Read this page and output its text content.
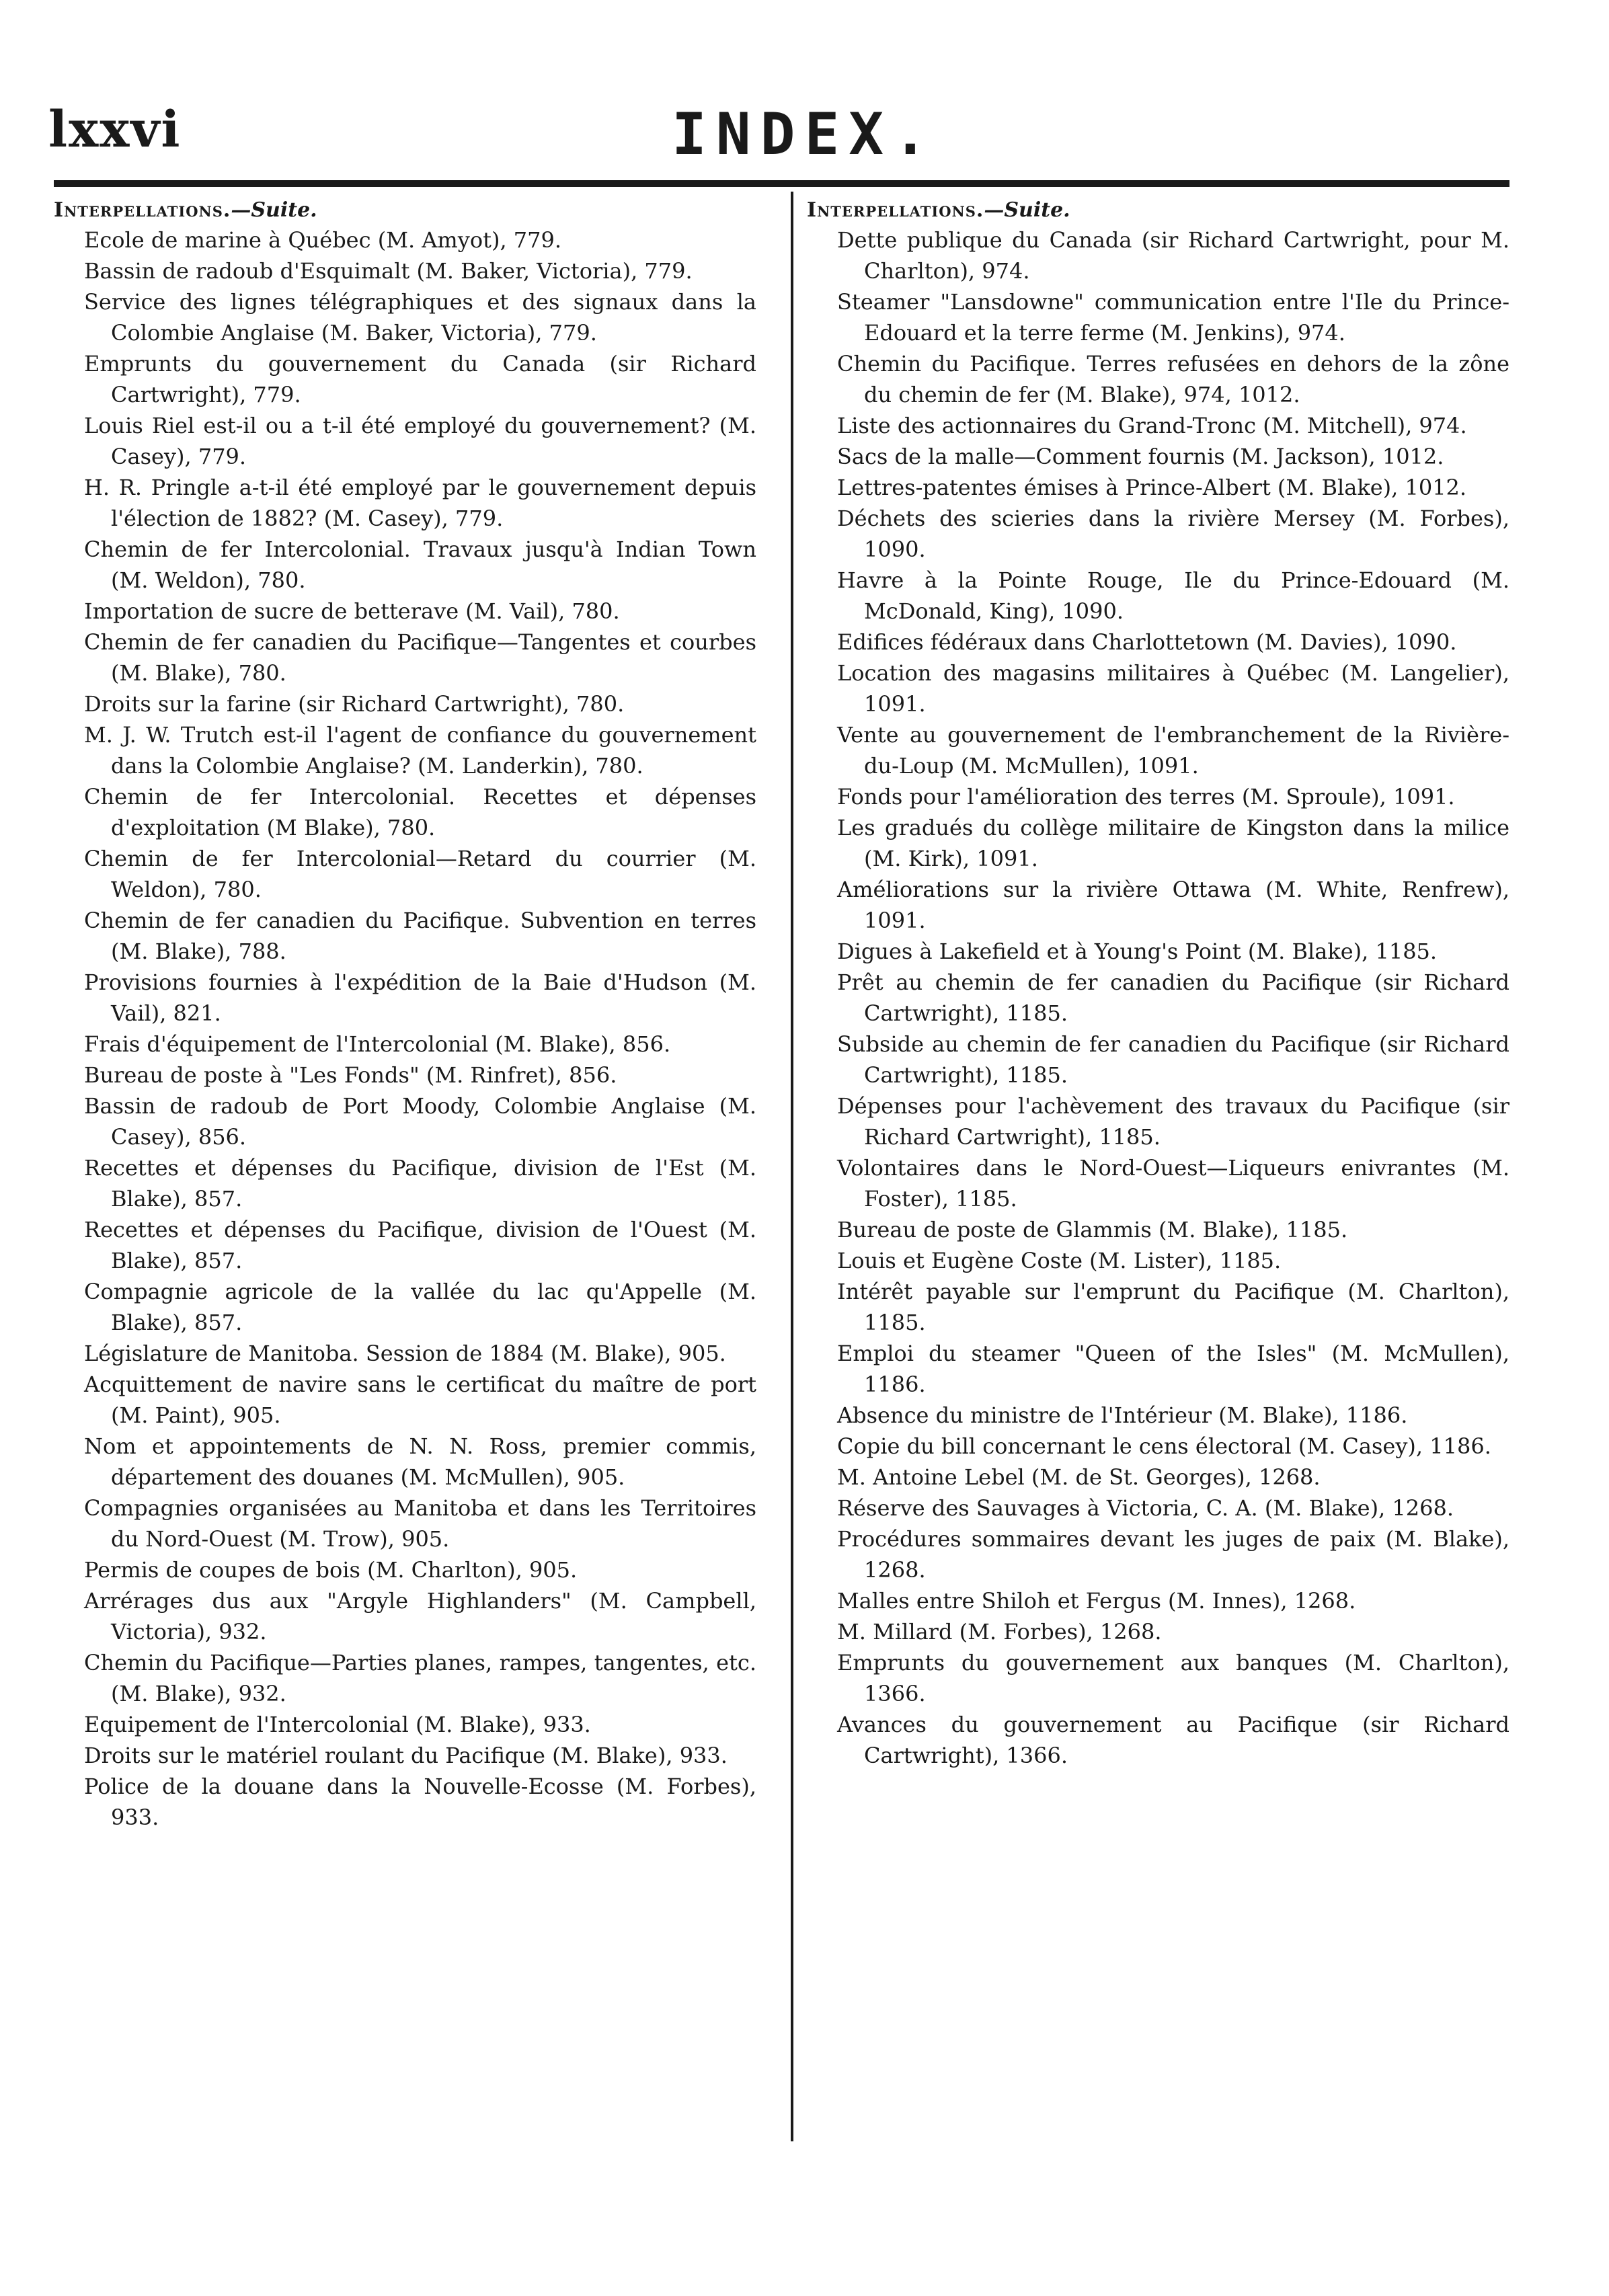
lxxvi	INDEX.
Interpellations.—Suite.
Ecole de marine à Québec (M. Amyot), 779.
Bassin de radoub d'Esquimalt (M. Baker, Victoria), 779.
Service des lignes télégraphiques et des signaux dans la Colombie Anglaise (M. Baker, Victoria), 779.
Emprunts du gouvernement du Canada (sir Richard Cartwright), 779.
Louis Riel est-il ou a t-il été employé du gouvernement? (M. Casey), 779.
H. R. Pringle a-t-il été employé par le gouvernement depuis l'élection de 1882? (M. Casey), 779.
Chemin de fer Intercolonial. Travaux jusqu'à Indian Town (M. Weldon), 780.
Importation de sucre de betterave (M. Vail), 780.
Chemin de fer canadien du Pacifique—Tangentes et courbes (M. Blake), 780.
Droits sur la farine (sir Richard Cartwright), 780.
M. J. W. Trutch est-il l'agent de confiance du gouvernement dans la Colombie Anglaise? (M. Landerkin), 780.
Chemin de fer Intercolonial. Recettes et dépenses d'exploitation (M Blake), 780.
Chemin de fer Intercolonial—Retard du courrier (M. Weldon), 780.
Chemin de fer canadien du Pacifique. Subvention en terres (M. Blake), 788.
Provisions fournies à l'expédition de la Baie d'Hudson (M. Vail), 821.
Frais d'équipement de l'Intercolonial (M. Blake), 856.
Bureau de poste à "Les Fonds" (M. Rinfret), 856.
Bassin de radoub de Port Moody, Colombie Anglaise (M. Casey), 856.
Recettes et dépenses du Pacifique, division de l'Est (M. Blake), 857.
Recettes et dépenses du Pacifique, division de l'Ouest (M. Blake), 857.
Compagnie agricole de la vallée du lac qu'Appelle (M. Blake), 857.
Législature de Manitoba. Session de 1884 (M. Blake), 905.
Acquittement de navire sans le certificat du maître de port (M. Paint), 905.
Nom et appointements de N. N. Ross, premier commis, département des douanes (M. McMullen), 905.
Compagnies organisées au Manitoba et dans les Territoires du Nord-Ouest (M. Trow), 905.
Permis de coupes de bois (M. Charlton), 905.
Arrérages dus aux "Argyle Highlanders" (M. Campbell, Victoria), 932.
Chemin du Pacifique—Parties planes, rampes, tangentes, etc. (M. Blake), 932.
Equipement de l'Intercolonial (M. Blake), 933.
Droits sur le matériel roulant du Pacifique (M. Blake), 933.
Police de la douane dans la Nouvelle-Ecosse (M. Forbes), 933.
Interpellations.—Suite.
Dette publique du Canada (sir Richard Cartwright, pour M. Charlton), 974.
Steamer "Lansdowne" communication entre l'Ile du Prince-Edouard et la terre ferme (M. Jenkins), 974.
Chemin du Pacifique. Terres refusées en dehors de la zône du chemin de fer (M. Blake), 974, 1012.
Liste des actionnaires du Grand-Tronc (M. Mitchell), 974.
Sacs de la malle—Comment fournis (M. Jackson), 1012.
Lettres-patentes émises à Prince-Albert (M. Blake), 1012.
Déchets des scieries dans la rivière Mersey (M. Forbes), 1090.
Havre à la Pointe Rouge, Ile du Prince-Edouard (M. McDonald, King), 1090.
Edifices fédéraux dans Charlottetown (M. Davies), 1090.
Location des magasins militaires à Québec (M. Langelier), 1091.
Vente au gouvernement de l'embranchement de la Rivière-du-Loup (M. McMullen), 1091.
Fonds pour l'amélioration des terres (M. Sproule), 1091.
Les gradués du collège militaire de Kingston dans la milice (M. Kirk), 1091.
Améliorations sur la rivière Ottawa (M. White, Renfrew), 1091.
Digues à Lakefield et à Young's Point (M. Blake), 1185.
Prêt au chemin de fer canadien du Pacifique (sir Richard Cartwright), 1185.
Subside au chemin de fer canadien du Pacifique (sir Richard Cartwright), 1185.
Dépenses pour l'achèvement des travaux du Pacifique (sir Richard Cartwright), 1185.
Volontaires dans le Nord-Ouest—Liqueurs enivrantes (M. Foster), 1185.
Bureau de poste de Glammis (M. Blake), 1185.
Louis et Eugène Coste (M. Lister), 1185.
Intérêt payable sur l'emprunt du Pacifique (M. Charlton), 1185.
Emploi du steamer "Queen of the Isles" (M. McMullen), 1186.
Absence du ministre de l'Intérieur (M. Blake), 1186.
Copie du bill concernant le cens électoral (M. Casey), 1186.
M. Antoine Lebel (M. de St. Georges), 1268.
Réserve des Sauvages à Victoria, C. A. (M. Blake), 1268.
Procédures sommaires devant les juges de paix (M. Blake), 1268.
Malles entre Shiloh et Fergus (M. Innes), 1268.
M. Millard (M. Forbes), 1268.
Emprunts du gouvernement aux banques (M. Charlton), 1366.
Avances du gouvernement au Pacifique (sir Richard Cartwright), 1366.
